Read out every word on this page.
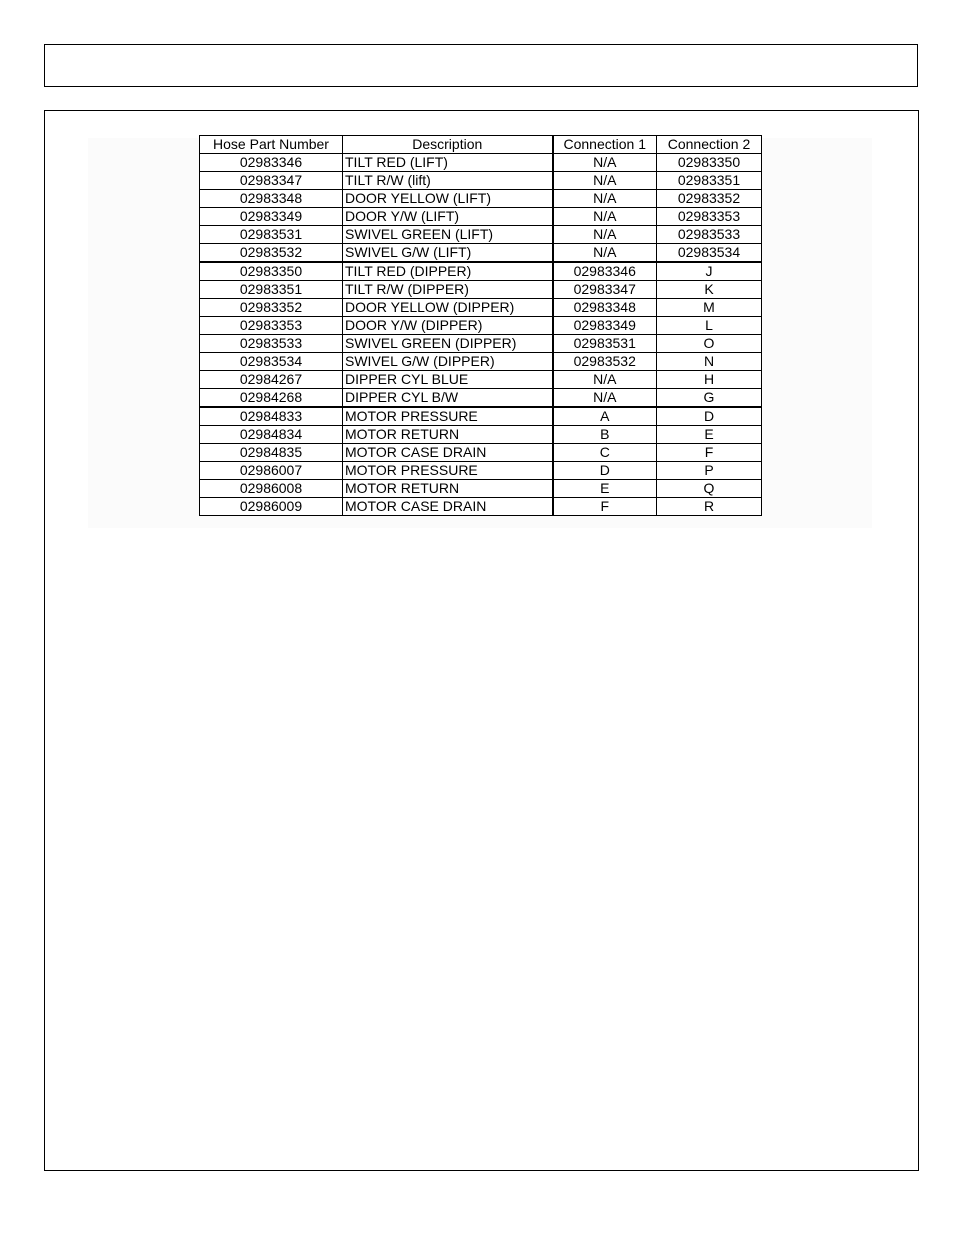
Hose Part Number	Description	Connection 1	Connection 2
02983346	TILT RED (LIFT)	N/A	02983350
02983347	TILT R/W (lift)	N/A	02983351
02983348	DOOR YELLOW (LIFT)	N/A	02983352
02983349	DOOR Y/W (LIFT)	N/A	02983353
02983531	SWIVEL GREEN (LIFT)	N/A	02983533
02983532	SWIVEL G/W (LIFT)	N/A	02983534
02983350	TILT RED (DIPPER)	02983346	J
02983351	TILT R/W (DIPPER)	02983347	K
02983352	DOOR YELLOW (DIPPER)	02983348	M
02983353	DOOR Y/W (DIPPER)	02983349	L
02983533	SWIVEL GREEN (DIPPER)	02983531	O
02983534	SWIVEL G/W (DIPPER)	02983532	N
02984267	DIPPER CYL BLUE	N/A	H
02984268	DIPPER CYL B/W	N/A	G
02984833	MOTOR PRESSURE	A	D
02984834	MOTOR RETURN	B	E
02984835	MOTOR CASE DRAIN	C	F
02986007	MOTOR PRESSURE	D	P
02986008	MOTOR RETURN	E	Q
02986009	MOTOR CASE DRAIN	F	R
